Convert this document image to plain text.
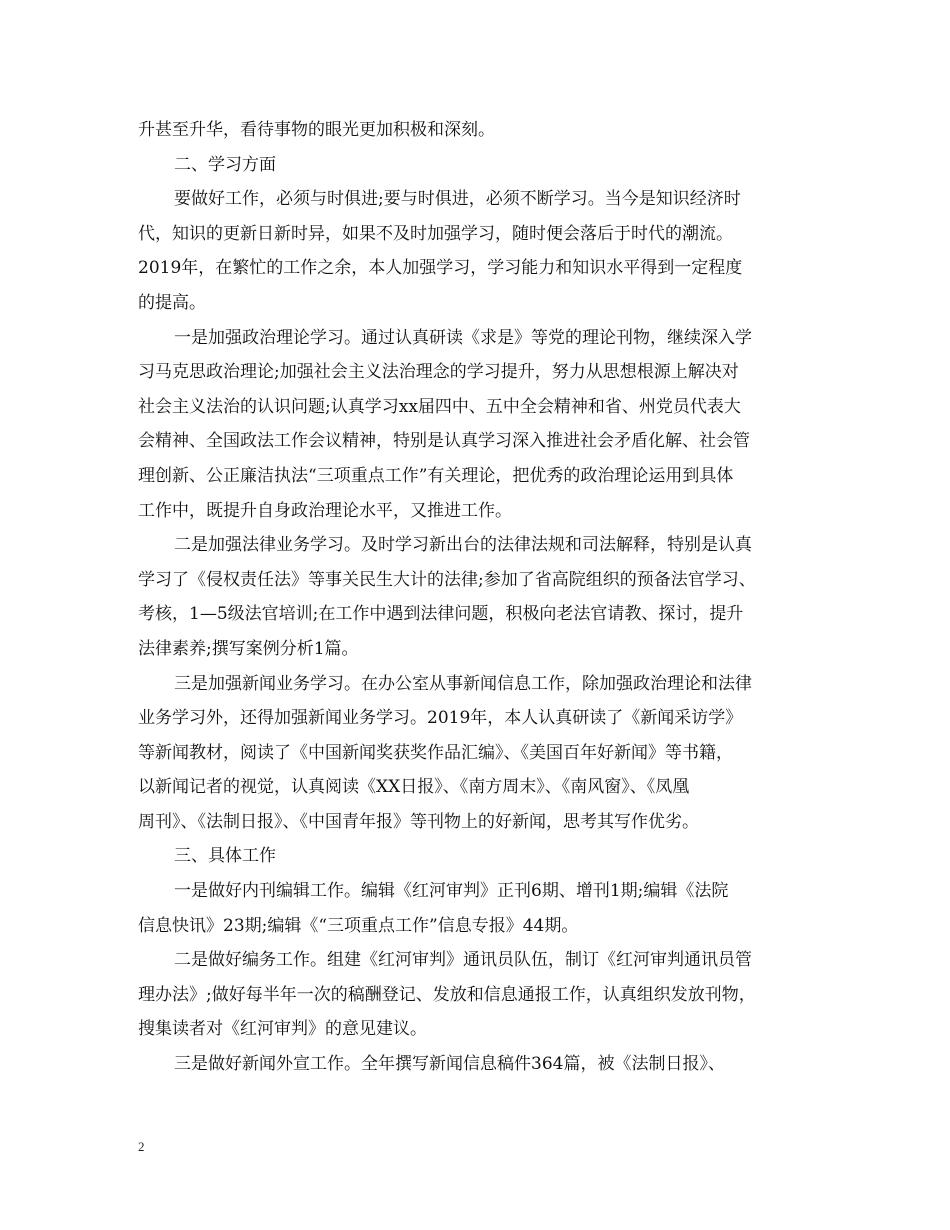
升甚至升华，看待事物的眼光更加积极和深刻。
二、学习方面
要做好工作，必须与时俱进;要与时俱进，必须不断学习。当今是知识经济时
代，知识的更新日新时异，如果不及时加强学习，随时便会落后于时代的潮流。
2019年，在繁忙的工作之余，本人加强学习，学习能力和知识水平得到一定程度
的提高。
一是加强政治理论学习。通过认真研读《求是》等党的理论刊物，继续深入学
习马克思政治理论;加强社会主义法治理念的学习提升，努力从思想根源上解决对
社会主义法治的认识问题;认真学习xx届四中、五中全会精神和省、州党员代表大
会精神、全国政法工作会议精神，特别是认真学习深入推进社会矛盾化解、社会管
理创新、公正廉洁执法“三项重点工作”有关理论，把优秀的政治理论运用到具体
工作中，既提升自身政治理论水平，又推进工作。
二是加强法律业务学习。及时学习新出台的法律法规和司法解释，特别是认真
学习了《侵权责任法》等事关民生大计的法律;参加了省高院组织的预备法官学习、
考核，1—5级法官培训;在工作中遇到法律问题，积极向老法官请教、探讨，提升
法律素养;撰写案例分析1篇。
三是加强新闻业务学习。在办公室从事新闻信息工作，除加强政治理论和法律
业务学习外，还得加强新闻业务学习。2019年，本人认真研读了《新闻采访学》
等新闻教材，阅读了《中国新闻奖获奖作品汇编》、《美国百年好新闻》等书籍，
以新闻记者的视觉，认真阅读《XX日报》、《南方周末》、《南风窗》、《凤凰
周刊》、《法制日报》、《中国青年报》等刊物上的好新闻，思考其写作优劣。
三、具体工作
一是做好内刊编辑工作。编辑《红河审判》正刊6期、增刊1期;编辑《法院
信息快讯》23期;编辑《“三项重点工作”信息专报》44期。
二是做好编务工作。组建《红河审判》通讯员队伍，制订《红河审判通讯员管
理办法》;做好每半年一次的稿酬登记、发放和信息通报工作，认真组织发放刊物，
搜集读者对《红河审判》的意见建议。
三是做好新闻外宣工作。全年撰写新闻信息稿件364篇，被《法制日报》、
2
